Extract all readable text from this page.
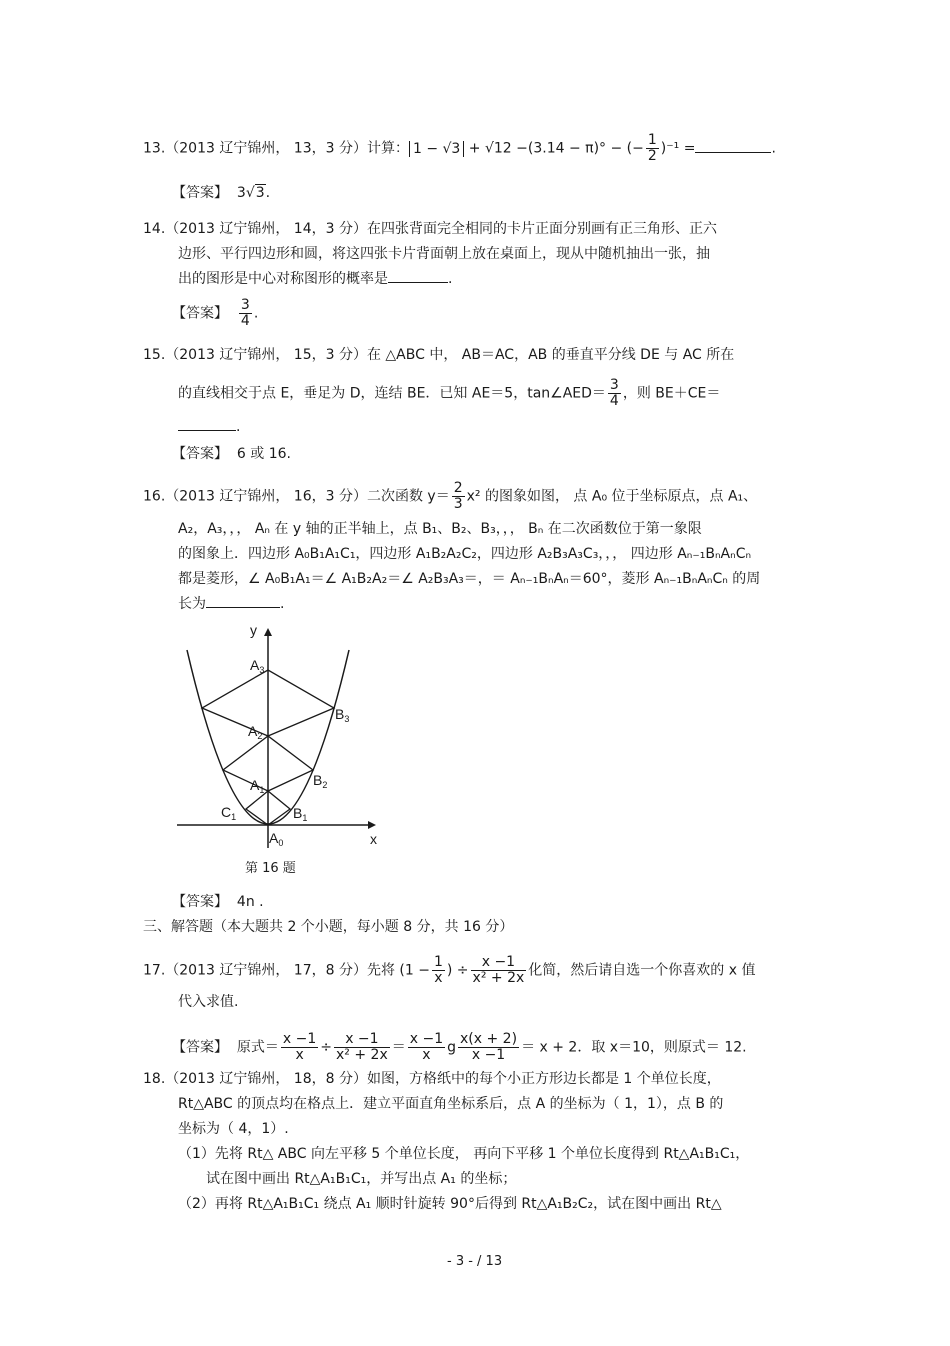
13.（2013 辽宁锦州， 13，3 分）计算： 1 − √3 + √12 −(3.14 − π)° − (− $\frac{1}{2} )^{-1}$ =	.
【答案】 3√3.
14.（2013 辽宁锦州， 14，3 分）在四张背面完全相同的卡片正面分别画有正三角形、正六
边形、平行四边形和圆，将这四张卡片背面朝上放在桌面上，现从中随机抽出一张，抽
出的图形是中心对称图形的概率是	.
【答案】 $\frac{3}{4}$ .
15.（2013 辽宁锦州， 15，3 分）在 △ABC 中， AB＝AC，AB 的垂直平分线 DE 与 AC 所在
的直线相交于点 E，垂足为 D，连结 BE．已知 AE＝5，tan∠AED＝ $\frac{3}{4}$ ，则 BE＋CE＝
.
【答案】 6 或 16.
16.（2013 辽宁锦州， 16，3 分）二次函数 $y= \frac{2}{3} x^2$ 的图象如图， 点 A₀ 位于坐标原点，点 A₁、
A₂，A₃，，， Aₙ 在 y 轴的正半轴上，点 B₁、B₂、B₃，，， Bₙ 在二次函数位于第一象限
的图象上．四边形 A₀B₁A₁C₁，四边形 A₁B₂A₂C₂，四边形 A₂B₃A₃C₃，，， 四边形 Aₙ₋₁BₙAₙCₙ
都是菱形，∠ A₀B₁A₁＝∠ A₁B₂A₂＝∠ A₂B₃A₃＝，＝ Aₙ₋₁BₙAₙ＝60°，菱形 Aₙ₋₁BₙAₙCₙ 的周
长为	.
x
y
$A_3$
$A_2$
$A_1$
$A_0$
$B_3$
$B_2$
$B_1$
$C_1$
第 16 题
【答案】 4n .
三、解答题（本大题共 2 个小题，每小题 8 分，共 16 分）
17.（2013 辽宁锦州， 17，8 分）先将 ($1 - \frac{1}{x}$ ) ÷ $\frac{x -1}{\text{x² + 2x}}$ 化简，然后请自选一个你喜欢的 x 值
代入求值.
【答案】 原式＝ $\frac{x -1}{x} \div \frac{x -1}{\text{x² + 2x}} = \frac{x -1}{x}$ g $\frac{x(x + 2)}{x -1} = x + 2$．取 x＝10，则原式＝ 12.
18.（2013 辽宁锦州， 18，8 分）如图，方格纸中的每个小正方形边长都是 1 个单位长度，
Rt△ABC 的顶点均在格点上．建立平面直角坐标系后，点 A 的坐标为（ 1，1），点 B 的
坐标为（ 4，1）.
（1）先将 Rt△ ABC 向左平移 5 个单位长度， 再向下平移 1 个单位长度得到 Rt△A₁B₁C₁，
试在图中画出 Rt△A₁B₁C₁，并写出点 A₁ 的坐标；
（2）再将 Rt△A₁B₁C₁ 绕点 A₁ 顺时针旋转 90°后得到 Rt△A₁B₂C₂，试在图中画出 Rt△
- 3 - / 13
